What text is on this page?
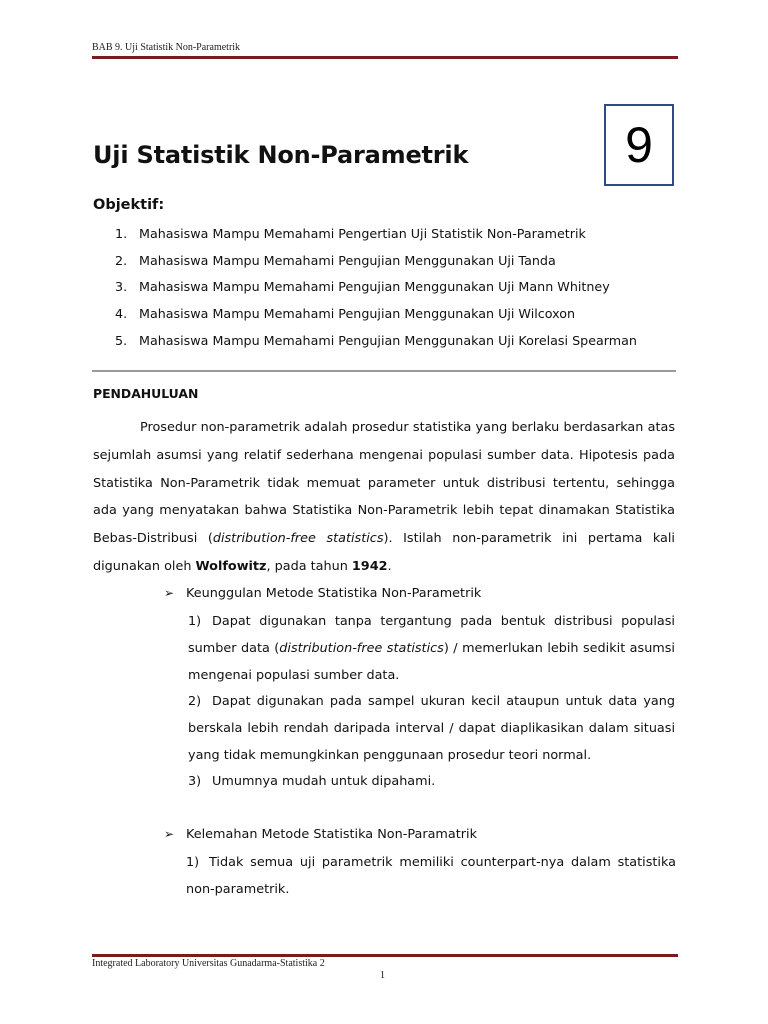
BAB 9. Uji Statistik Non-Parametrik
9
Uji Statistik Non-Parametrik
Objektif:
1. Mahasiswa Mampu Memahami Pengertian Uji Statistik Non-Parametrik
2. Mahasiswa Mampu Memahami Pengujian Menggunakan Uji Tanda
3. Mahasiswa Mampu Memahami Pengujian Menggunakan Uji Mann Whitney
4. Mahasiswa Mampu Memahami Pengujian Menggunakan Uji Wilcoxon
5. Mahasiswa Mampu Memahami Pengujian Menggunakan Uji Korelasi Spearman
PENDAHULUAN

Prosedur non-parametrik adalah prosedur statistika yang berlaku berdasarkan atas sejumlah asumsi yang relatif sederhana mengenai populasi sumber data. Hipotesis pada Statistika Non-Parametrik tidak memuat parameter untuk distribusi tertentu, sehingga ada yang menyatakan bahwa Statistika Non-Parametrik lebih tepat dinamakan Statistika Bebas-Distribusi (distribution-free statistics). Istilah non-parametrik ini pertama kali digunakan oleh Wolfowitz, pada tahun 1942.

➢ Keunggulan Metode Statistika Non-Parametrik

1) Dapat digunakan tanpa tergantung pada bentuk distribusi populasi sumber data (distribution-free statistics) / memerlukan lebih sedikit asumsi mengenai populasi sumber data.

2) Dapat digunakan pada sampel ukuran kecil ataupun untuk data yang berskala lebih rendah daripada interval / dapat diaplikasikan dalam situasi yang tidak memungkinkan penggunaan prosedur teori normal.

3) Umumnya mudah untuk dipahami.

➢ Kelemahan Metode Statistika Non-Paramatrik

1) Tidak semua uji parametrik memiliki counterpart-nya dalam statistika non-parametrik.

Integrated Laboratory Universitas Gunadarma-Statistika 2
1
